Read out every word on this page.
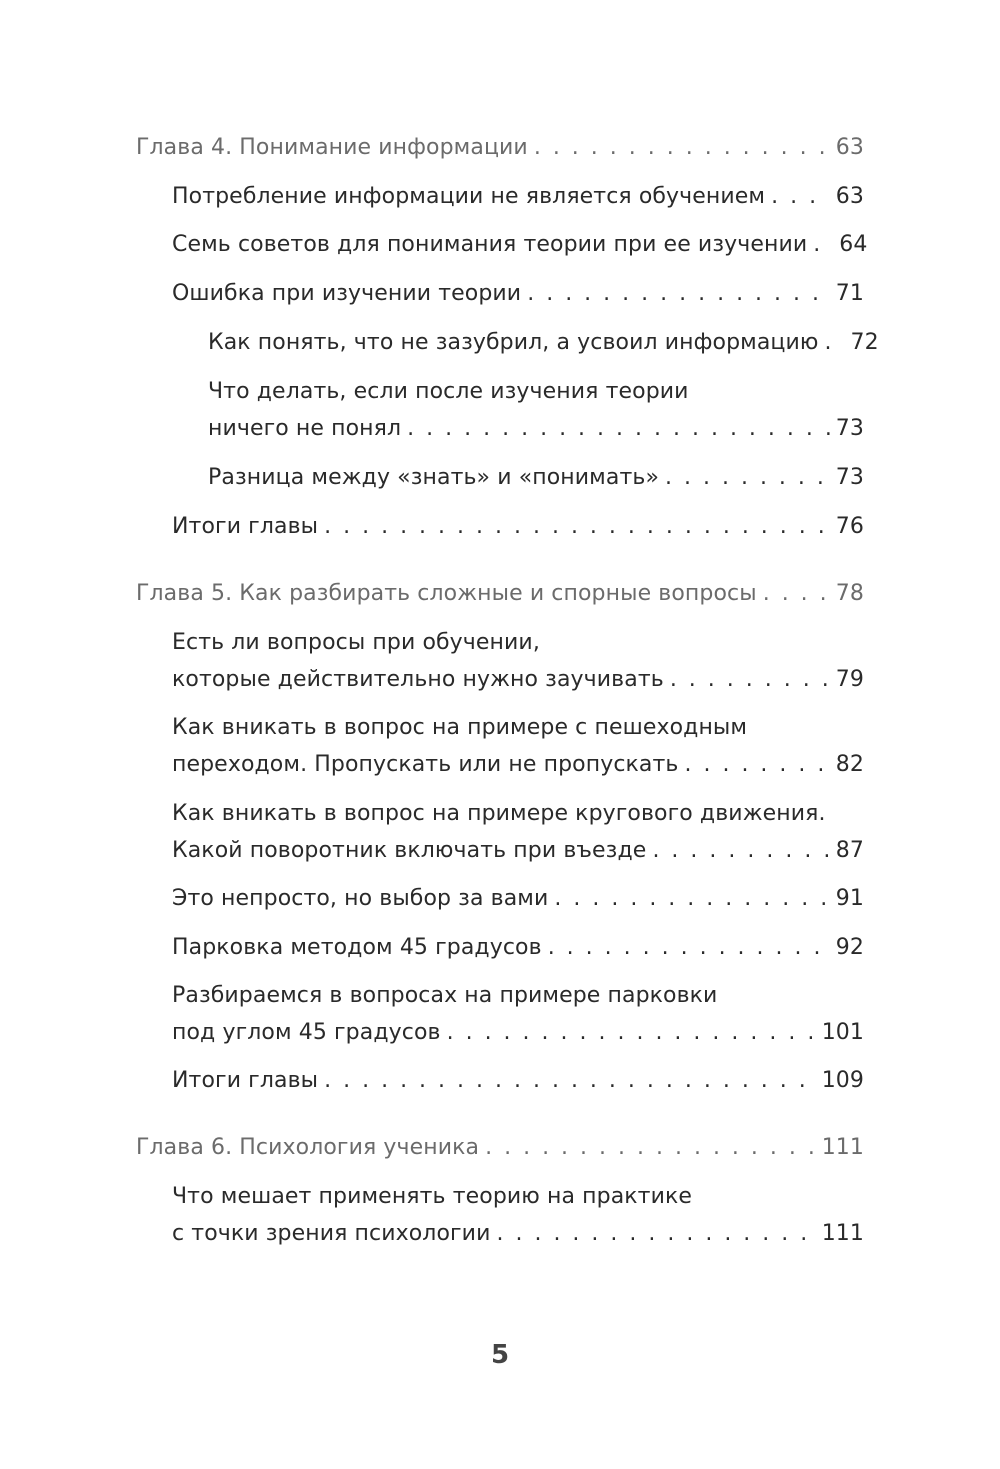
Глава 4. Понимание информации . . .	63
Потребление информации не является обучением . . .	63
Семь советов для понимания теории при ее изучении . . . 64
Ошибка при изучении теории . . .	71
Как понять, что не зазубрил, а усвоил информацию . . . 72
Что делать, если после изучения теории
ничего не понял . . .	73
Разница между «знать» и «понимать» . . .	73
Итоги главы . . .	76
Глава 5. Как разбирать сложные и спорные вопросы . . .	78
Есть ли вопросы при обучении,
которые действительно нужно заучивать . . .	79
Как вникать в вопрос на примере с пешеходным
переходом. Пропускать или не пропускать . . .	82
Как вникать в вопрос на примере кругового движения.
Какой поворотник включать при въезде . . .	87
Это непросто, но выбор за вами . . .	91
Парковка методом 45 градусов . . .	92
Разбираемся в вопросах на примере парковки
под углом 45 градусов . . .	101
Итоги главы . . .	109
Глава 6. Психология ученика . . .	111
Что мешает применять теорию на практике
с точки зрения психологии . . .	111
5
